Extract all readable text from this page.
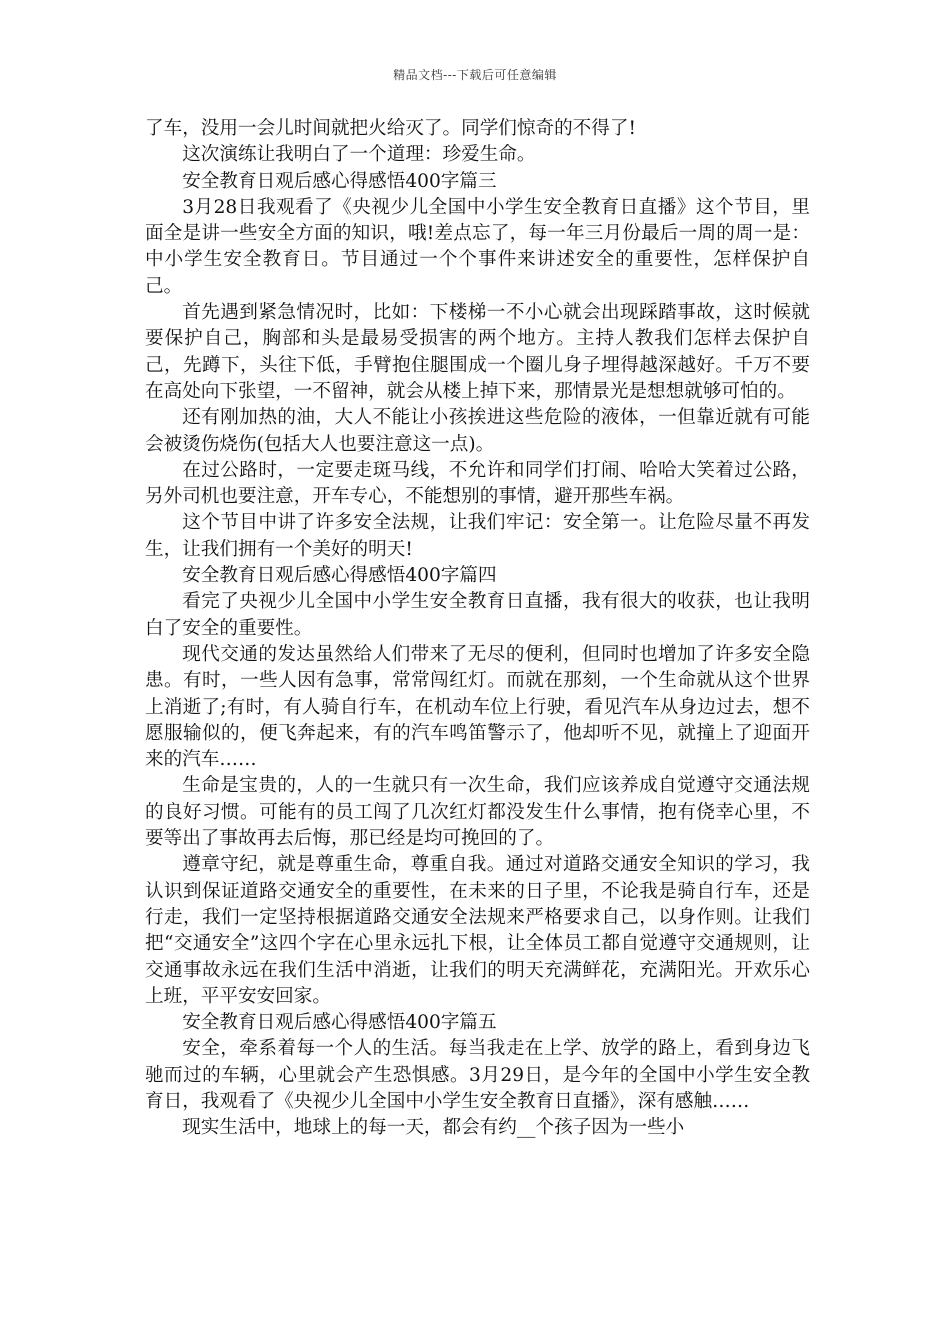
精品文档---下载后可任意编辑

了车，没用一会儿时间就把火给灭了。同学们惊奇的不得了!

这次演练让我明白了一个道理：珍爱生命。

安全教育日观后感心得感悟400字篇三

3月28日我观看了《央视少儿全国中小学生安全教育日直播》这个节目，里面全是讲一些安全方面的知识，哦!差点忘了，每一年三月份最后一周的周一是：中小学生安全教育日。节目通过一个个事件来讲述安全的重要性，怎样保护自己。

首先遇到紧急情况时，比如：下楼梯一不小心就会出现踩踏事故，这时候就要保护自己，胸部和头是最易受损害的两个地方。主持人教我们怎样去保护自己，先蹲下，头往下低，手臂抱住腿围成一个圈儿身子埋得越深越好。千万不要在高处向下张望，一不留神，就会从楼上掉下来，那情景光是想想就够可怕的。

还有刚加热的油，大人不能让小孩挨进这些危险的液体，一但靠近就有可能会被烫伤烧伤(包括大人也要注意这一点)。

在过公路时，一定要走斑马线，不允许和同学们打闹、哈哈大笑着过公路，另外司机也要注意，开车专心，不能想别的事情，避开那些车祸。

这个节目中讲了许多安全法规，让我们牢记：安全第一。让危险尽量不再发生，让我们拥有一个美好的明天!

安全教育日观后感心得感悟400字篇四

看完了央视少儿全国中小学生安全教育日直播，我有很大的收获，也让我明白了安全的重要性。

现代交通的发达虽然给人们带来了无尽的便利，但同时也增加了许多安全隐患。有时，一些人因有急事，常常闯红灯。而就在那刻，一个生命就从这个世界上消逝了;有时，有人骑自行车，在机动车位上行驶，看见汽车从身边过去，想不愿服输似的，便飞奔起来，有的汽车鸣笛警示了，他却听不见，就撞上了迎面开来的汽车……

生命是宝贵的，人的一生就只有一次生命，我们应该养成自觉遵守交通法规的良好习惯。可能有的员工闯了几次红灯都没发生什么事情，抱有侥幸心里，不要等出了事故再去后悔，那已经是均可挽回的了。

遵章守纪，就是尊重生命，尊重自我。通过对道路交通安全知识的学习，我认识到保证道路交通安全的重要性，在未来的日子里，不论我是骑自行车，还是行走，我们一定坚持根据道路交通安全法规来严格要求自己，以身作则。让我们把“交通安全”这四个字在心里永远扎下根，让全体员工都自觉遵守交通规则，让交通事故永远在我们生活中消逝，让我们的明天充满鲜花，充满阳光。开欢乐心上班，平平安安回家。

安全教育日观后感心得感悟400字篇五

安全，牵系着每一个人的生活。每当我走在上学、放学的路上，看到身边飞驰而过的车辆，心里就会产生恐惧感。3月29日，是今年的全国中小学生安全教育日，我观看了《央视少儿全国中小学生安全教育日直播》，深有感触……

现实生活中，地球上的每一天，都会有约__个孩子因为一些小
